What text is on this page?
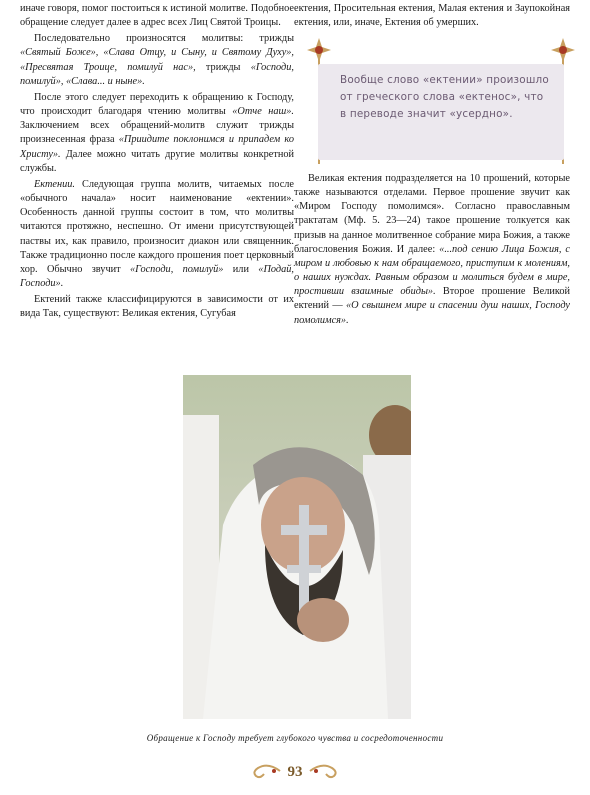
иначе говоря, помог постоиться к истиной молитве. Подобное обращение следует далее в адрес всех Лиц Святой Троицы.

Последовательно произносятся молитвы: трижды «Святый Боже», «Слава Отцу, и Сыну, и Святому Духу», «Пресвятая Троице, помилуй нас», трижды «Господи, помилуй», «Слава... и ныне».

После этого следует переходить к обращению к Господу, что происходит благодаря чтению молитвы «Отче наш». Заключением всех обращений-молитв служит трижды произнесенная фраза «Приидите поклонимся и припадем ко Христу». Далее можно читать другие молитвы конкретной службы.

Ектении. Следующая группа молитв, читаемых после «обычного начала» носит наименование «ектении». Особенность данной группы состоит в том, что молитвы читаются протяжно, неспешно. От имени присутствующей паствы их, как правило, произносит диакон или священник. Также традиционно после каждого прошения поет церковный хор. Обычно звучит «Господи, помилуй» или «Подай, Господи».

Ектений также классифицируются в зависимости от их вида Так, существуют: Великая ектения, Сугубая

ектения, Просительная ектения, Малая ектения и Заупокойная ектения, или, иначе, Ектения об умерших.

Вообще слово «ектении» произошло от греческого слова «ектенос», что в переводе значит «усердно».

Великая ектения подразделяется на 10 прошений, которые также называются отделами. Первое прошение звучит как «Миром Господу помолимся». Согласно православным трактатам (Мф. 5. 23—24) такое прошение толкуется как призыв на данное молитвенное собрание мира Божия, а также благословения Божия. И далее: «...под сению Лица Божия, с миром и любовью к нам обращаемого, приступим к молениям, о наших нуждах. Равным образом и молиться будем в мире, простивши взаимные обиды». Второе прошение Великой ектений — «О свышнем мире и спасении душ наших, Господу помолимся».

Обращение к Господу требует глубокого чувства и сосредоточенности
93
